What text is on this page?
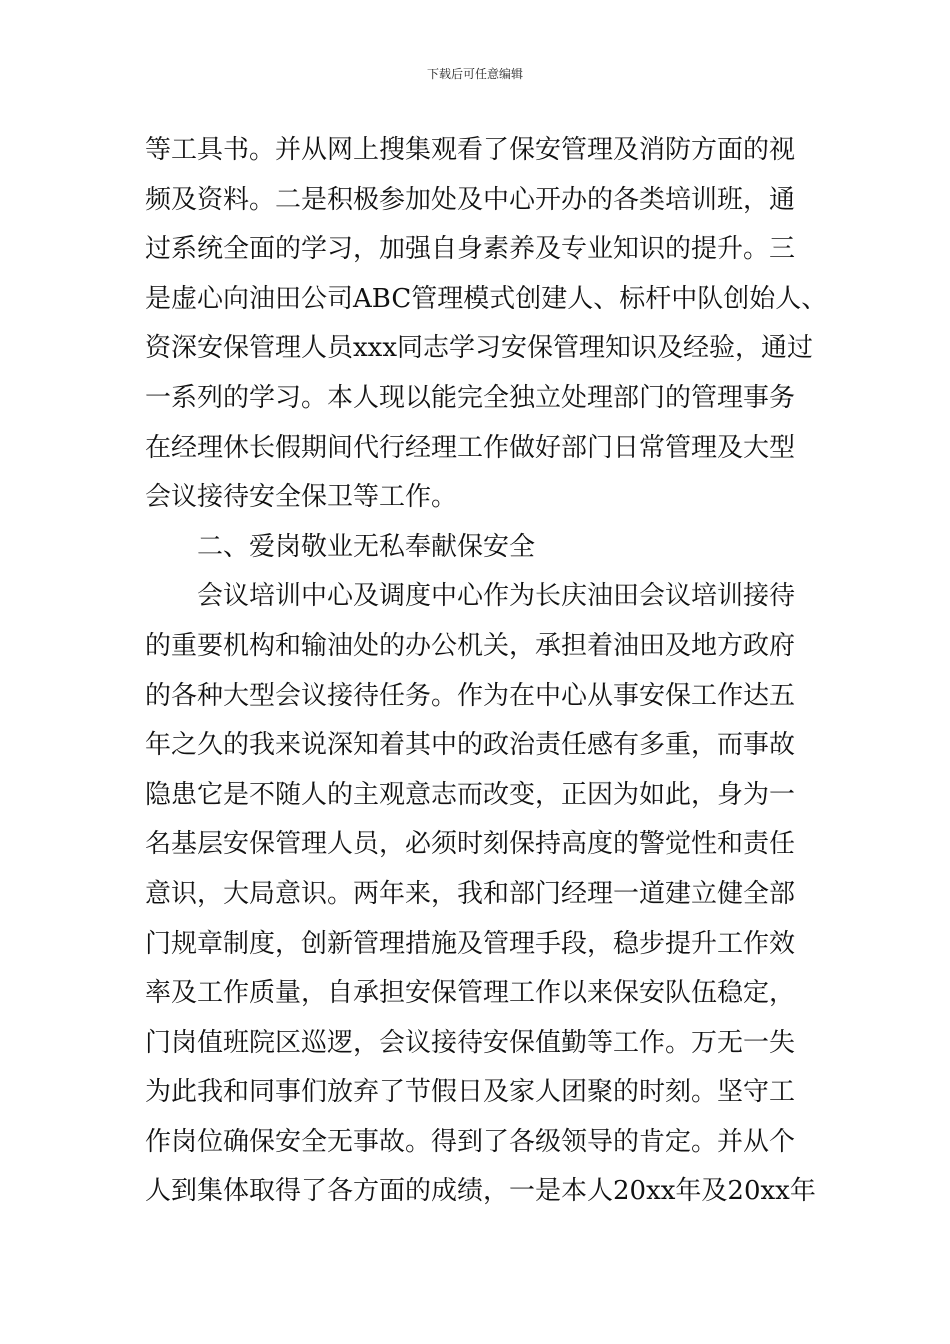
下载后可任意编辑
等工具书。并从网上搜集观看了保安管理及消防方面的视
频及资料。二是积极参加处及中心开办的各类培训班，通
过系统全面的学习，加强自身素养及专业知识的提升。三
是虚心向油田公司ABC管理模式创建人、标杆中队创始人、
资深安保管理人员xxx同志学习安保管理知识及经验，通过
一系列的学习。本人现以能完全独立处理部门的管理事务
在经理休长假期间代行经理工作做好部门日常管理及大型
会议接待安全保卫等工作。
二、爱岗敬业无私奉献保安全
会议培训中心及调度中心作为长庆油田会议培训接待
的重要机构和输油处的办公机关，承担着油田及地方政府
的各种大型会议接待任务。作为在中心从事安保工作达五
年之久的我来说深知着其中的政治责任感有多重，而事故
隐患它是不随人的主观意志而改变，正因为如此，身为一
名基层安保管理人员，必须时刻保持高度的警觉性和责任
意识，大局意识。两年来，我和部门经理一道建立健全部
门规章制度，创新管理措施及管理手段，稳步提升工作效
率及工作质量，自承担安保管理工作以来保安队伍稳定，
门岗值班院区巡逻，会议接待安保值勤等工作。万无一失
为此我和同事们放弃了节假日及家人团聚的时刻。坚守工
作岗位确保安全无事故。得到了各级领导的肯定。并从个
人到集体取得了各方面的成绩，一是本人20xx年及20xx年
